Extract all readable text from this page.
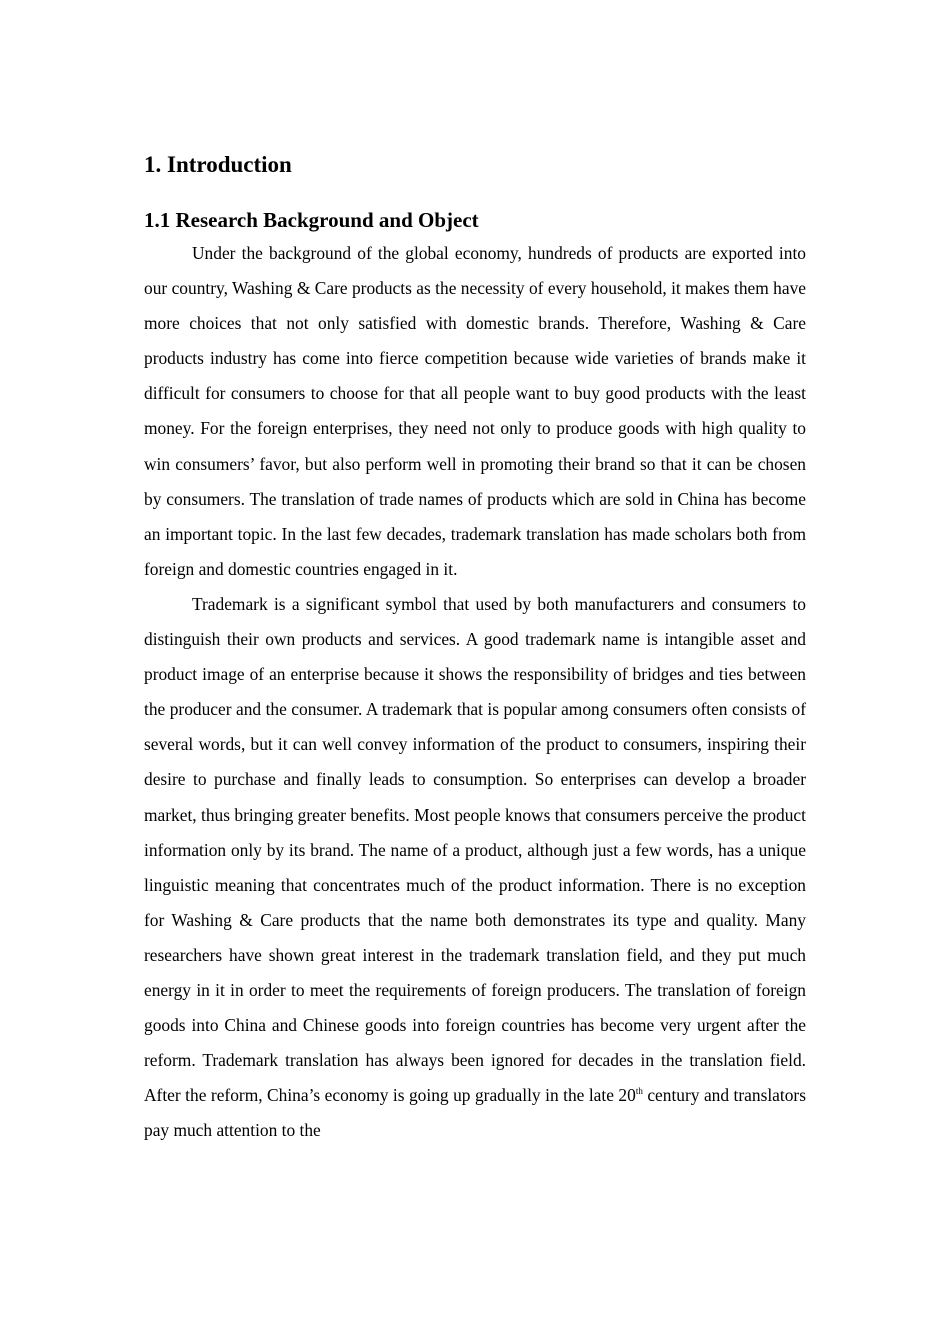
1. Introduction
1.1 Research Background and Object

Under the background of the global economy, hundreds of products are exported into our country, Washing & Care products as the necessity of every household, it makes them have more choices that not only satisfied with domestic brands. Therefore, Washing & Care products industry has come into fierce competition because wide varieties of brands make it difficult for consumers to choose for that all people want to buy good products with the least money. For the foreign enterprises, they need not only to produce goods with high quality to win consumers’ favor, but also perform well in promoting their brand so that it can be chosen by consumers. The translation of trade names of products which are sold in China has become an important topic. In the last few decades, trademark translation has made scholars both from foreign and domestic countries engaged in it.

Trademark is a significant symbol that used by both manufacturers and consumers to distinguish their own products and services. A good trademark name is intangible asset and product image of an enterprise because it shows the responsibility of bridges and ties between the producer and the consumer. A trademark that is popular among consumers often consists of several words, but it can well convey information of the product to consumers, inspiring their desire to purchase and finally leads to consumption. So enterprises can develop a broader market, thus bringing greater benefits. Most people knows that consumers perceive the product information only by its brand. The name of a product, although just a few words, has a unique linguistic meaning that concentrates much of the product information. There is no exception for Washing & Care products that the name both demonstrates its type and quality. Many researchers have shown great interest in the trademark translation field, and they put much energy in it in order to meet the requirements of foreign producers. The translation of foreign goods into China and Chinese goods into foreign countries has become very urgent after the reform. Trademark translation has always been ignored for decades in the translation field. After the reform, China’s economy is going up gradually in the late 20th century and translators pay much attention to the
